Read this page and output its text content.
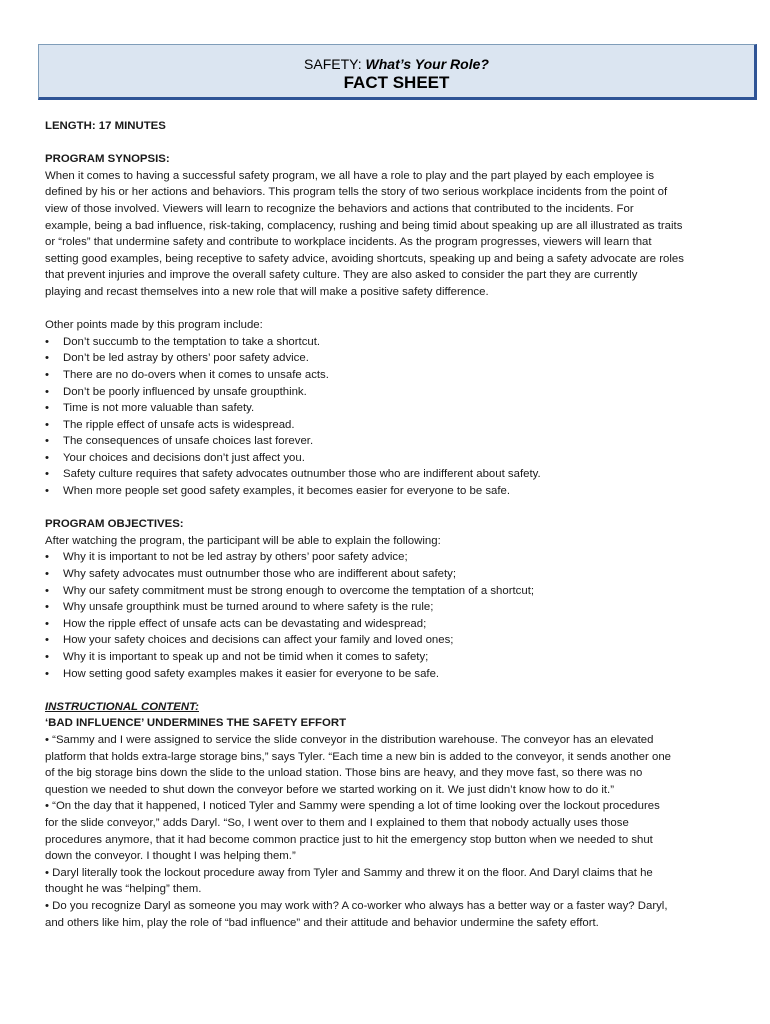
SAFETY: What’s Your Role?
FACT SHEET

LENGTH: 17 MINUTES

PROGRAM SYNOPSIS:

When it comes to having a successful safety program, we all have a role to play and the part played by each employee is

defined by his or her actions and behaviors. This program tells the story of two serious workplace incidents from the point of

view of those involved. Viewers will learn to recognize the behaviors and actions that contributed to the incidents. For

example, being a bad influence, risk-taking, complacency, rushing and being timid about speaking up are all illustrated as traits

or “roles” that undermine safety and contribute to workplace incidents. As the program progresses, viewers will learn that

setting good examples, being receptive to safety advice, avoiding shortcuts, speaking up and being a safety advocate are roles

that prevent injuries and improve the overall safety culture. They are also asked to consider the part they are currently

playing and recast themselves into a new role that will make a positive safety difference.

Other points made by this program include:

• Don’t succumb to the temptation to take a shortcut.
• Don’t be led astray by others’ poor safety advice.
• There are no do-overs when it comes to unsafe acts.
• Don’t be poorly influenced by unsafe groupthink.
• Time is not more valuable than safety.
• The ripple effect of unsafe acts is widespread.
• The consequences of unsafe choices last forever.
• Your choices and decisions don’t just affect you.
• Safety culture requires that safety advocates outnumber those who are indifferent about safety.
• When more people set good safety examples, it becomes easier for everyone to be safe.

PROGRAM OBJECTIVES:

After watching the program, the participant will be able to explain the following:

• Why it is important to not be led astray by others’ poor safety advice;
• Why safety advocates must outnumber those who are indifferent about safety;
• Why our safety commitment must be strong enough to overcome the temptation of a shortcut;
• Why unsafe groupthink must be turned around to where safety is the rule;
• How the ripple effect of unsafe acts can be devastating and widespread;
• How your safety choices and decisions can affect your family and loved ones;
• Why it is important to speak up and not be timid when it comes to safety;
• How setting good safety examples makes it easier for everyone to be safe.

INSTRUCTIONAL CONTENT:

‘BAD INFLUENCE’ UNDERMINES THE SAFETY EFFORT

• “Sammy and I were assigned to service the slide conveyor in the distribution warehouse. The conveyor has an elevated

platform that holds extra-large storage bins,” says Tyler. “Each time a new bin is added to the conveyor, it sends another one

of the big storage bins down the slide to the unload station. Those bins are heavy, and they move fast, so there was no

question we needed to shut down the conveyor before we started working on it. We just didn’t know how to do it.”

• “On the day that it happened, I noticed Tyler and Sammy were spending a lot of time looking over the lockout procedures

for the slide conveyor,” adds Daryl. “So, I went over to them and I explained to them that nobody actually uses those

procedures anymore, that it had become common practice just to hit the emergency stop button when we needed to shut

down the conveyor. I thought I was helping them.”

• Daryl literally took the lockout procedure away from Tyler and Sammy and threw it on the floor. And Daryl claims that he

thought he was “helping” them.

• Do you recognize Daryl as someone you may work with? A co-worker who always has a better way or a faster way? Daryl,

and others like him, play the role of “bad influence” and their attitude and behavior undermine the safety effort.
